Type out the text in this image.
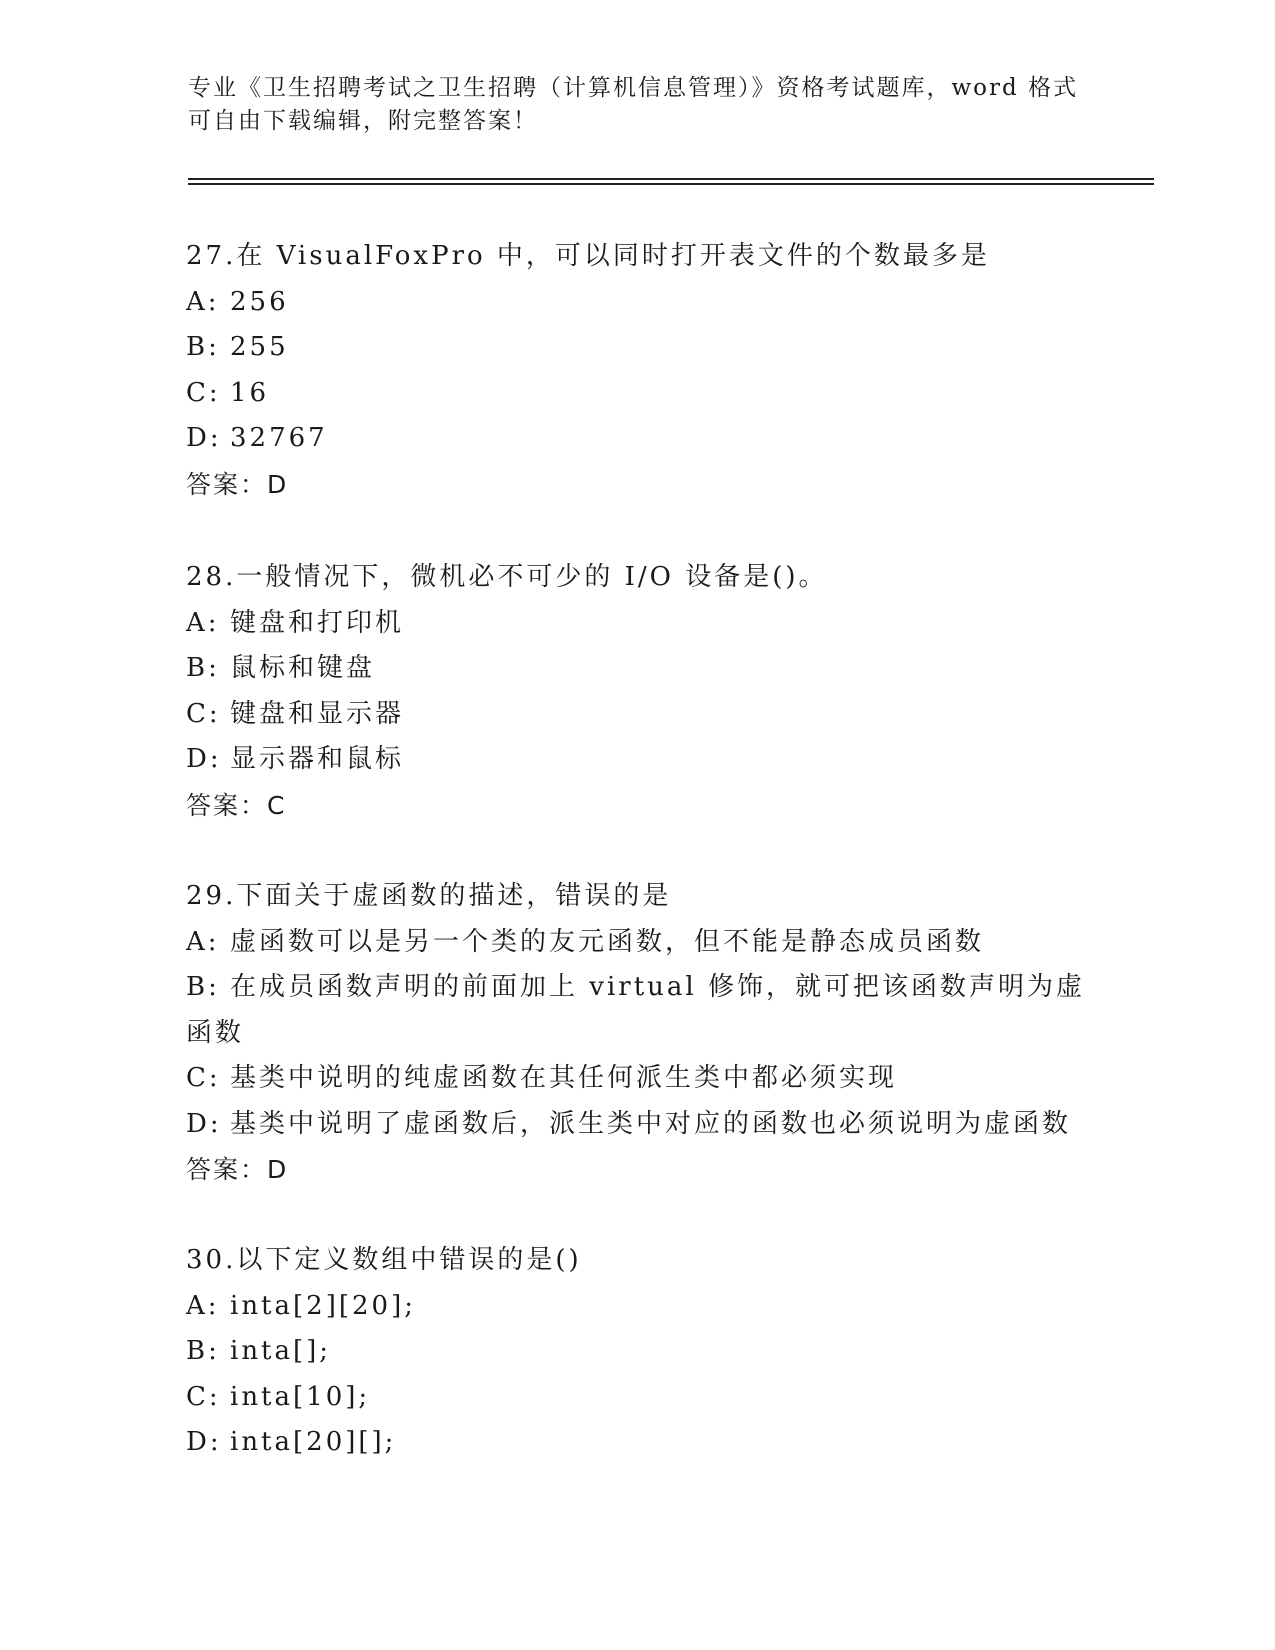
专业《卫生招聘考试之卫生招聘（计算机信息管理）》资格考试题库，word 格式
可自由下载编辑，附完整答案！
27.在 VisualFoxPro 中，可以同时打开表文件的个数最多是
A: 256
B: 255
C: 16
D: 32767
答案：D
28.一般情况下，微机必不可少的 I/O 设备是()。
A: 键盘和打印机
B: 鼠标和键盘
C: 键盘和显示器
D: 显示器和鼠标
答案：C
29.下面关于虚函数的描述，错误的是
A: 虚函数可以是另一个类的友元函数，但不能是静态成员函数
B: 在成员函数声明的前面加上 virtual 修饰，就可把该函数声明为虚
函数
C: 基类中说明的纯虚函数在其任何派生类中都必须实现
D: 基类中说明了虚函数后，派生类中对应的函数也必须说明为虚函数
答案：D
30.以下定义数组中错误的是()
A: inta[2][20];
B: inta[];
C: inta[10];
D: inta[20][];
